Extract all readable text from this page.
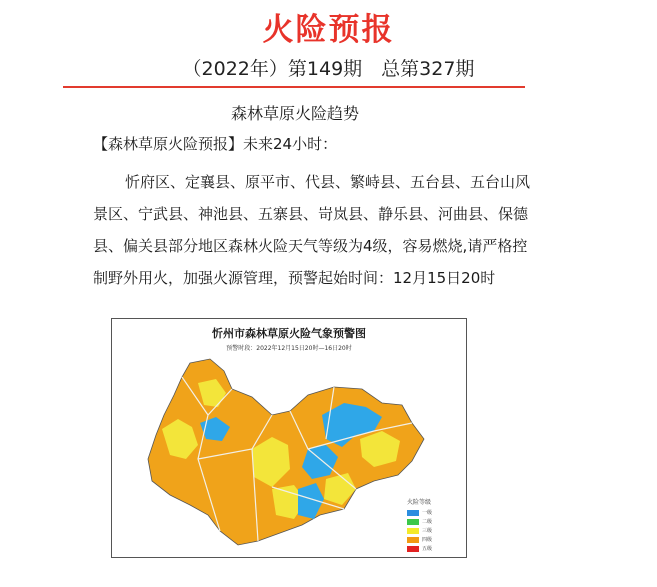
火险预报
（2022年）第149期　总第327期
森林草原火险趋势
【森林草原火险预报】未来24小时：
忻府区、定襄县、原平市、代县、繁峙县、五台县、五台山风景区、宁武县、神池县、五寨县、岢岚县、静乐县、河曲县、保德县、偏关县部分地区森林火险天气等级为4级，容易燃烧,请严格控制野外用火，加强火源管理，预警起始时间：12月15日20时
忻州市森林草原火险气象预警图
预警时段：2022年12月15日20时—16日20时
火险等级
一级
二级
三级
四级
五级
